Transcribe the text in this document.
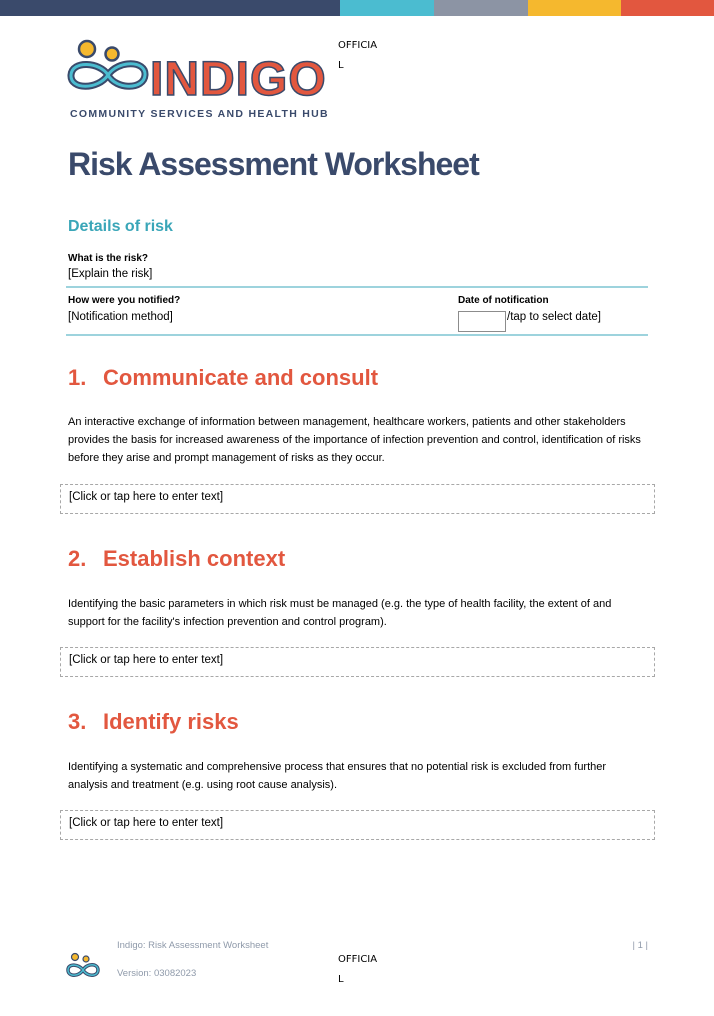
INDIGO
COMMUNITY SERVICES AND HEALTH HUB
OFFICIAL
Risk Assessment Worksheet
Details of risk
What is the risk?
[Explain the risk]
How were you notified?
[Notification method]
Date of notification
/tap to select date]
1. Communicate and consult

An interactive exchange of information between management, healthcare workers, patients and other stakeholders provides the basis for increased awareness of the importance of infection prevention and control, identification of risks before they arise and prompt management of risks as they occur.

[Click or tap here to enter text]
2. Establish context

Identifying the basic parameters in which risk must be managed (e.g. the type of health facility, the extent of and support for the facility's infection prevention and control program).

[Click or tap here to enter text]
3. Identify risks

Identifying a systematic and comprehensive process that ensures that no potential risk is excluded from further analysis and treatment (e.g. using root cause analysis).

[Click or tap here to enter text]
Indigo: Risk Assessment Worksheet
Version: 03082023
| 1 |
OFFICIAL
